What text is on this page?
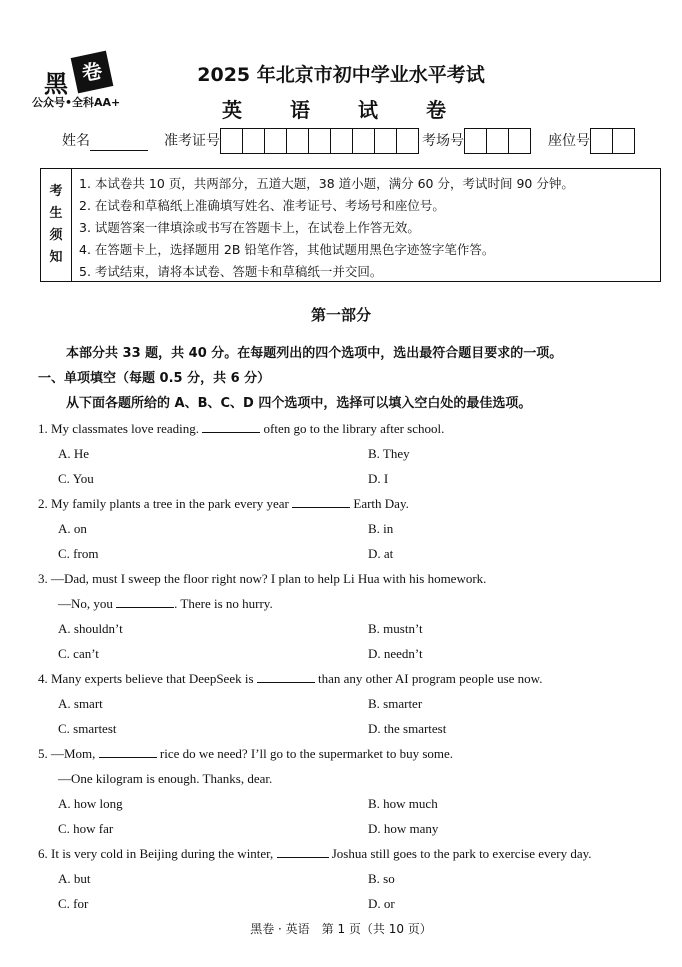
黑 卷
公众号•全科AA+
2025 年北京市初中学业水平考试
英　语　试　卷
姓名	准考证号	考场号	座位号
考
生
须
知
1. 本试卷共 10 页，共两部分，五道大题，38 道小题，满分 60 分，考试时间 90 分钟。
2. 在试卷和草稿纸上准确填写姓名、准考证号、考场号和座位号。
3. 试题答案一律填涂或书写在答题卡上，在试卷上作答无效。
4. 在答题卡上，选择题用 2B 铅笔作答，其他试题用黑色字迹签字笔作答。
5. 考试结束，请将本试卷、答题卡和草稿纸一并交回。
第一部分
本部分共 33 题，共 40 分。在每题列出的四个选项中，选出最符合题目要求的一项。
一、单项填空（每题 0.5 分，共 6 分）
从下面各题所给的 A、B、C、D 四个选项中，选择可以填入空白处的最佳选项。
1. My classmates love reading.	often go to the library after school.
A. He	B. They
C. You	D. I
2. My family plants a tree in the park every year	Earth Day.
A. on	B. in
C. from	D. at
3. —Dad, must I sweep the floor right now? I plan to help Li Hua with his homework.
—No, you	. There is no hurry.
A. shouldn’t	B. mustn’t
C. can’t	D. needn’t
4. Many experts believe that DeepSeek is	than any other AI program people use now.
A. smart	B. smarter
C. smartest	D. the smartest
5. —Mom,	rice do we need? I’ll go to the supermarket to buy some.
—One kilogram is enough. Thanks, dear.
A. how long	B. how much
C. how far	D. how many
6. It is very cold in Beijing during the winter,	Joshua still goes to the park to exercise every day.
A. but	B. so
C. for	D. or
黑卷 · 英语　第 1 页（共 10 页）
